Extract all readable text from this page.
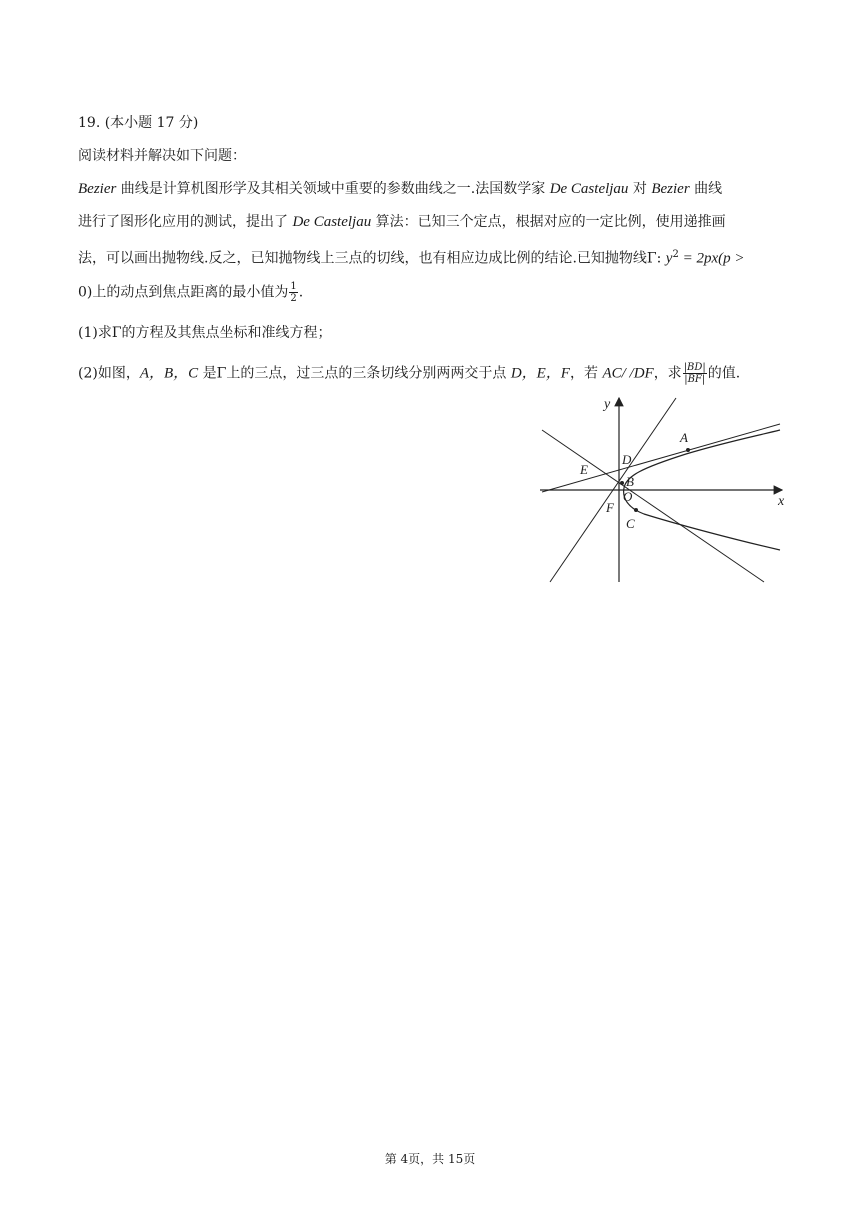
19. (本小题 17 分)
阅读材料并解决如下问题：
Bezier 曲线是计算机图形学及其相关领域中重要的参数曲线之一.法国数学家 De Casteljau 对 Bezier 曲线
进行了图形化应用的测试，提出了 De Casteljau 算法：已知三个定点，根据对应的一定比例，使用递推画
法，可以画出抛物线.反之，已知抛物线上三点的切线，也有相应边成比例的结论.已知抛物线Γ: $y^2 = 2px(p$ >
0)上的动点到焦点距离的最小值为 $\frac{1}{2}$ .
(1)求Γ的方程及其焦点坐标和准线方程；
(2)如图，A，B，C 是Γ上的三点，过三点的三条切线分别两两交于点 D，E，F，若 AC/ /DF，求 $\frac{|BD|}{|BF|}$ 的值.
y
x
A
D
E
B
O
F
C
第 4页，共 15页
